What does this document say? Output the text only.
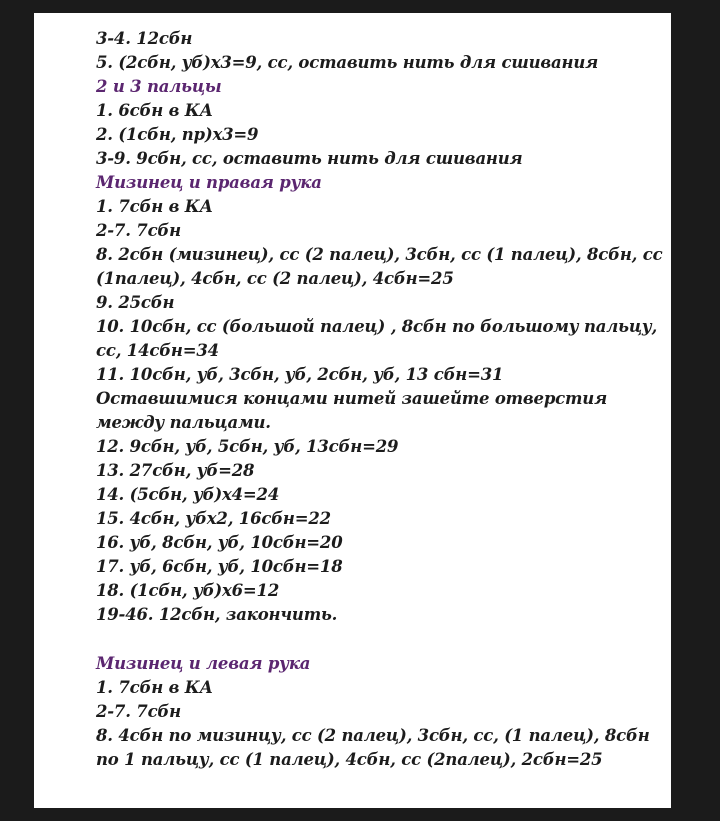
3-4. 12сбн
5. (2сбн, уб)х3=9, сс, оставить нить для сшивания
2 и 3 пальцы
1. 6сбн в КА
2. (1сбн, пр)х3=9
3-9. 9сбн, сс, оставить нить для сшивания
Мизинец и правая рука
1. 7сбн в КА
2-7. 7сбн
8. 2сбн (мизинец), сс (2 палец), 3сбн, сс (1 палец), 8сбн, сс
(1палец), 4сбн, сс (2 палец), 4сбн=25
9. 25сбн
10. 10сбн, сс (большой палец) , 8сбн по большому пальцу,
сс, 14сбн=34
11. 10сбн, уб, 3сбн, уб, 2сбн, уб, 13 сбн=31
Оставшимися концами нитей зашейте отверстия
между пальцами.
12. 9сбн, уб, 5сбн, уб, 13сбн=29
13. 27сбн, уб=28
14. (5сбн, уб)х4=24
15. 4сбн, убх2, 16сбн=22
16. уб, 8сбн, уб, 10сбн=20
17. уб, 6сбн, уб, 10сбн=18
18. (1сбн, уб)х6=12
19-46. 12сбн, закончить.
Мизинец и левая рука
1. 7сбн в КА
2-7. 7сбн
8. 4сбн по мизинцу, сс (2 палец), 3сбн, сс, (1 палец), 8сбн
по 1 пальцу, сс (1 палец), 4сбн, сс (2палец), 2сбн=25
